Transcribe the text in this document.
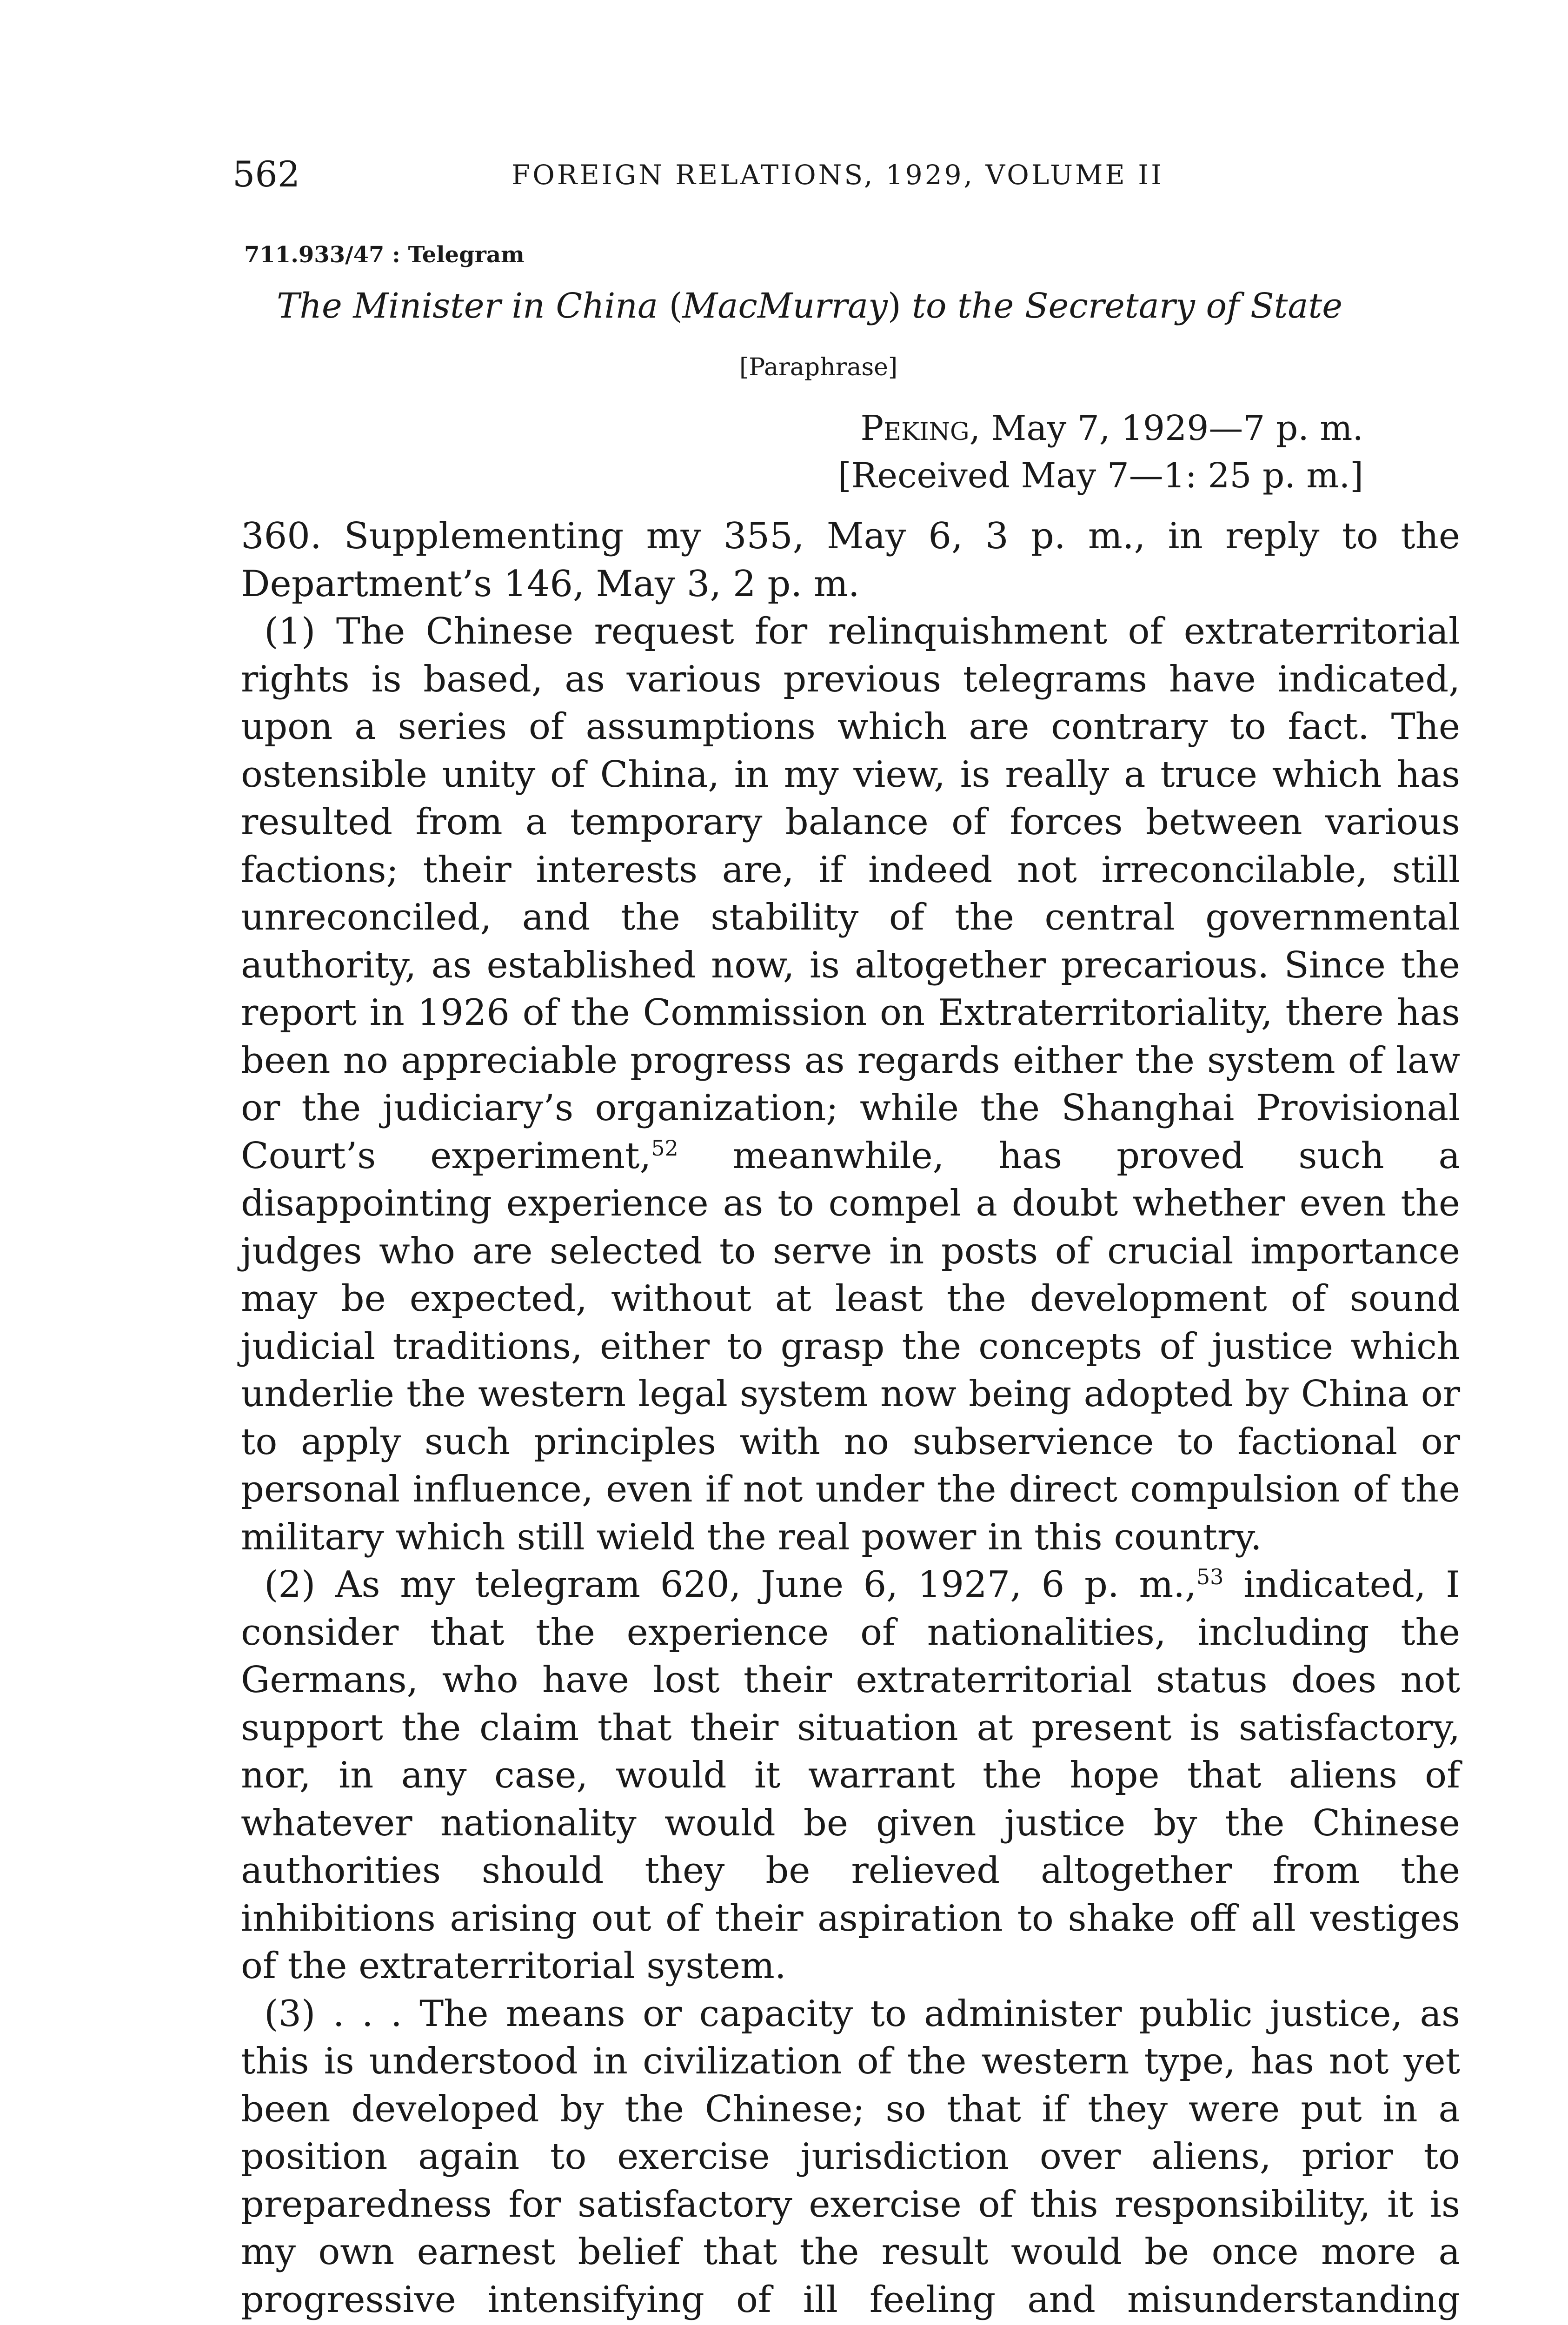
562	FOREIGN RELATIONS, 1929, VOLUME II
711.933/47 : Telegram
The Minister in China (MacMurray) to the Secretary of State
[Paraphrase]
Peking, May 7, 1929—7 p. m.
[Received May 7—1: 25 p. m.]

360. Supplementing my 355, May 6, 3 p. m., in reply to the Department’s 146, May 3, 2 p. m.

(1) The Chinese request for relinquishment of extraterritorial rights is based, as various previous telegrams have indicated, upon a series of assumptions which are contrary to fact. The ostensible unity of China, in my view, is really a truce which has resulted from a temporary balance of forces between various factions; their interests are, if indeed not irreconcilable, still unreconciled, and the stability of the central governmental authority, as established now, is altogether precarious. Since the report in 1926 of the Commission on Extraterritoriality, there has been no appreciable progress as regards either the system of law or the judiciary’s organization; while the Shanghai Provisional Court’s experiment,$^{52}$ meanwhile, has proved such a disappointing experience as to compel a doubt whether even the judges who are selected to serve in posts of crucial importance may be expected, without at least the development of sound judicial traditions, either to grasp the concepts of justice which underlie the western legal system now being adopted by China or to apply such principles with no subservience to factional or personal influence, even if not under the direct compulsion of the military which still wield the real power in this country.

(2) As my telegram 620, June 6, 1927, 6 p. m.,$^{53}$ indicated, I consider that the experience of nationalities, including the Germans, who have lost their extraterritorial status does not support the claim that their situation at present is satisfactory, nor, in any case, would it warrant the hope that aliens of whatever nationality would be given justice by the Chinese authorities should they be relieved altogether from the inhibitions arising out of their aspiration to shake off all vestiges of the extraterritorial system.

(3) . . . The means or capacity to administer public justice, as this is understood in civilization of the western type, has not yet been developed by the Chinese; so that if they were put in a position again to exercise jurisdiction over aliens, prior to preparedness for satisfactory exercise of this responsibility, it is my own earnest belief that the result would be once more a progressive intensifying of ill feeling and misunderstanding
